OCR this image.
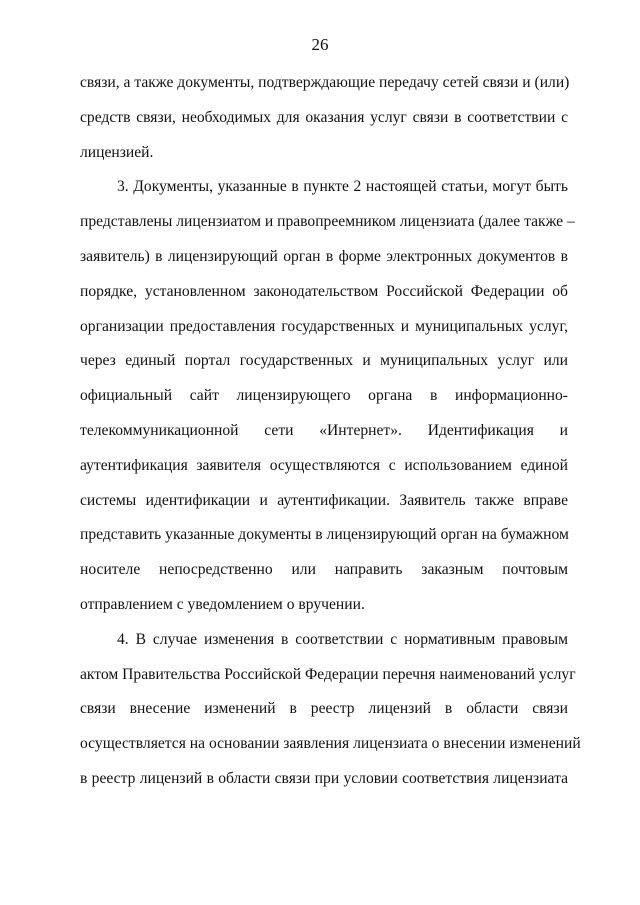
26
связи, а также документы, подтверждающие передачу сетей связи и (или)
средств связи, необходимых для оказания услуг связи в соответствии с
лицензией.
3. Документы, указанные в пункте 2 настоящей статьи, могут быть
представлены лицензиатом и правопреемником лицензиата (далее также –
заявитель) в лицензирующий орган в форме электронных документов в
порядке, установленном законодательством Российской Федерации об
организации предоставления государственных и муниципальных услуг,
через единый портал государственных и муниципальных услуг или
официальный сайт лицензирующего органа в информационно-
телекоммуникационной сети «Интернет». Идентификация и
аутентификация заявителя осуществляются с использованием единой
системы идентификации и аутентификации. Заявитель также вправе
представить указанные документы в лицензирующий орган на бумажном
носителе непосредственно или направить заказным почтовым
отправлением с уведомлением о вручении.
4. В случае изменения в соответствии с нормативным правовым
актом Правительства Российской Федерации перечня наименований услуг
связи внесение изменений в реестр лицензий в области связи
осуществляется на основании заявления лицензиата о внесении изменений
в реестр лицензий в области связи при условии соответствия лицензиата
